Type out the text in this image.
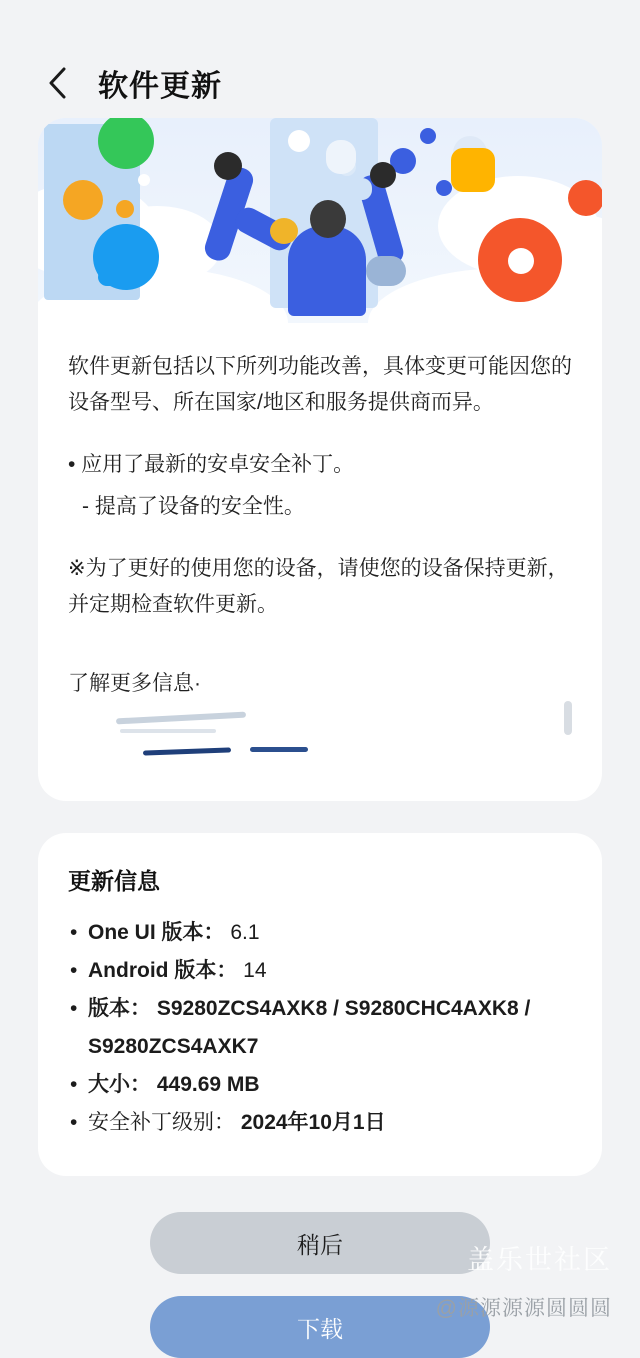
软件更新

软件更新包括以下所列功能改善，具体变更可能因您的设备型号、所在国家/地区和服务提供商而异。

• 应用了最新的安卓安全补丁。

- 提高了设备的安全性。

※为了更好的使用您的设备，请使您的设备保持更新，并定期检查软件更新。

了解更多信息·
更新信息
• One UI 版本： 6.1
• Android 版本： 14
• 版本： S9280ZCS4AXK8 / S9280CHC4AXK8 / S9280ZCS4AXK7
• 大小： 449.69 MB
• 安全补丁级别： 2024年10月1日
稍后
下载
盖乐世社区
@源源源源圆圆圆
